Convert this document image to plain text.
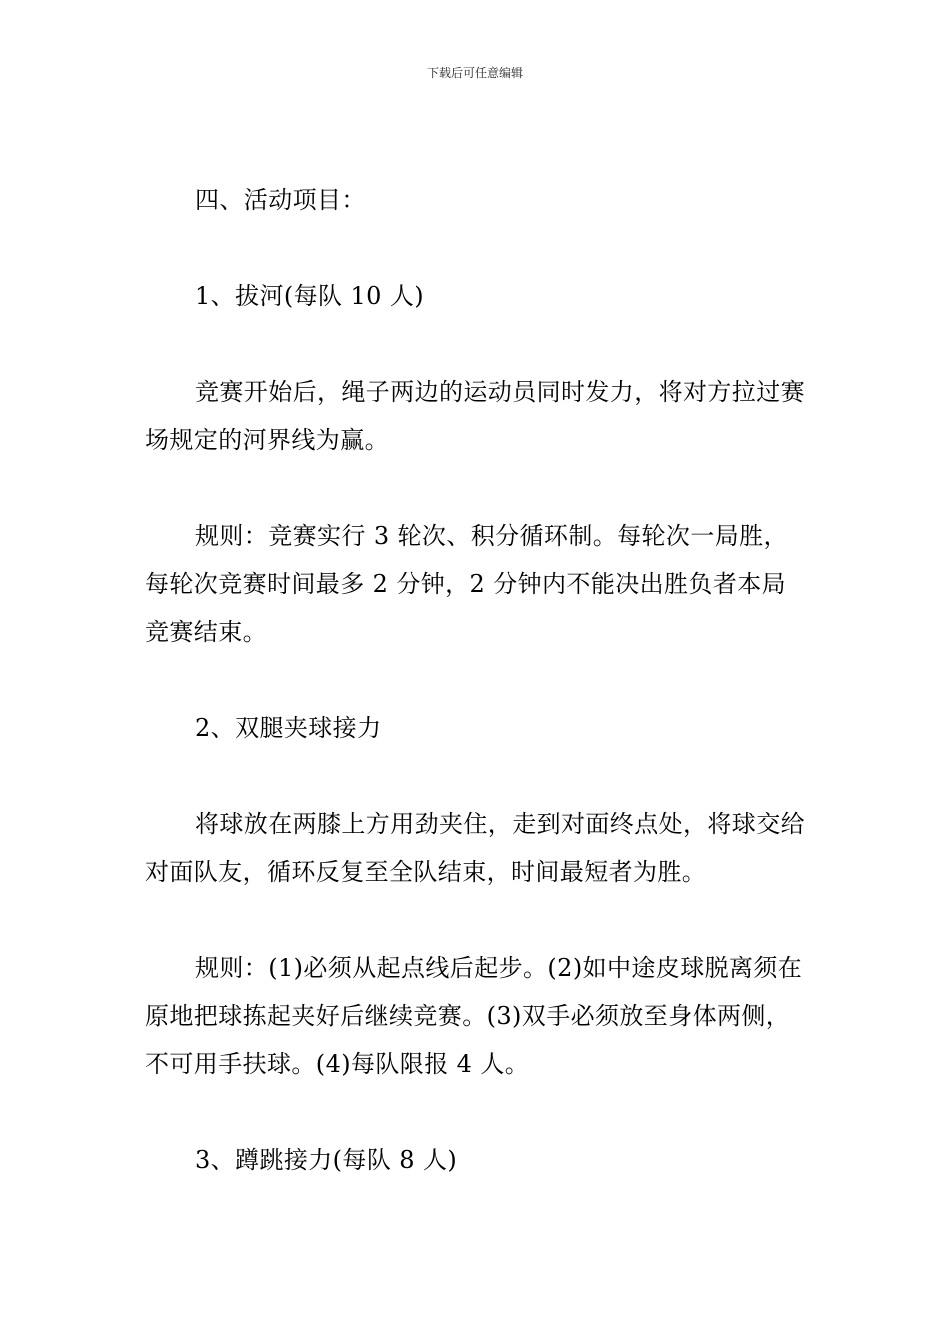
下载后可任意编辑

四、活动项目：

1、拔河(每队 10 人)

竞赛开始后，绳子两边的运动员同时发力，将对方拉过赛场规定的河界线为赢。

规则：竞赛实行 3 轮次、积分循环制。每轮次一局胜，每轮次竞赛时间最多 2 分钟，2 分钟内不能决出胜负者本局竞赛结束。

2、双腿夹球接力

将球放在两膝上方用劲夹住，走到对面终点处，将球交给对面队友，循环反复至全队结束，时间最短者为胜。

规则：(1)必须从起点线后起步。(2)如中途皮球脱离须在原地把球拣起夹好后继续竞赛。(3)双手必须放至身体两侧，不可用手扶球。(4)每队限报 4 人。

3、蹲跳接力(每队 8 人)
